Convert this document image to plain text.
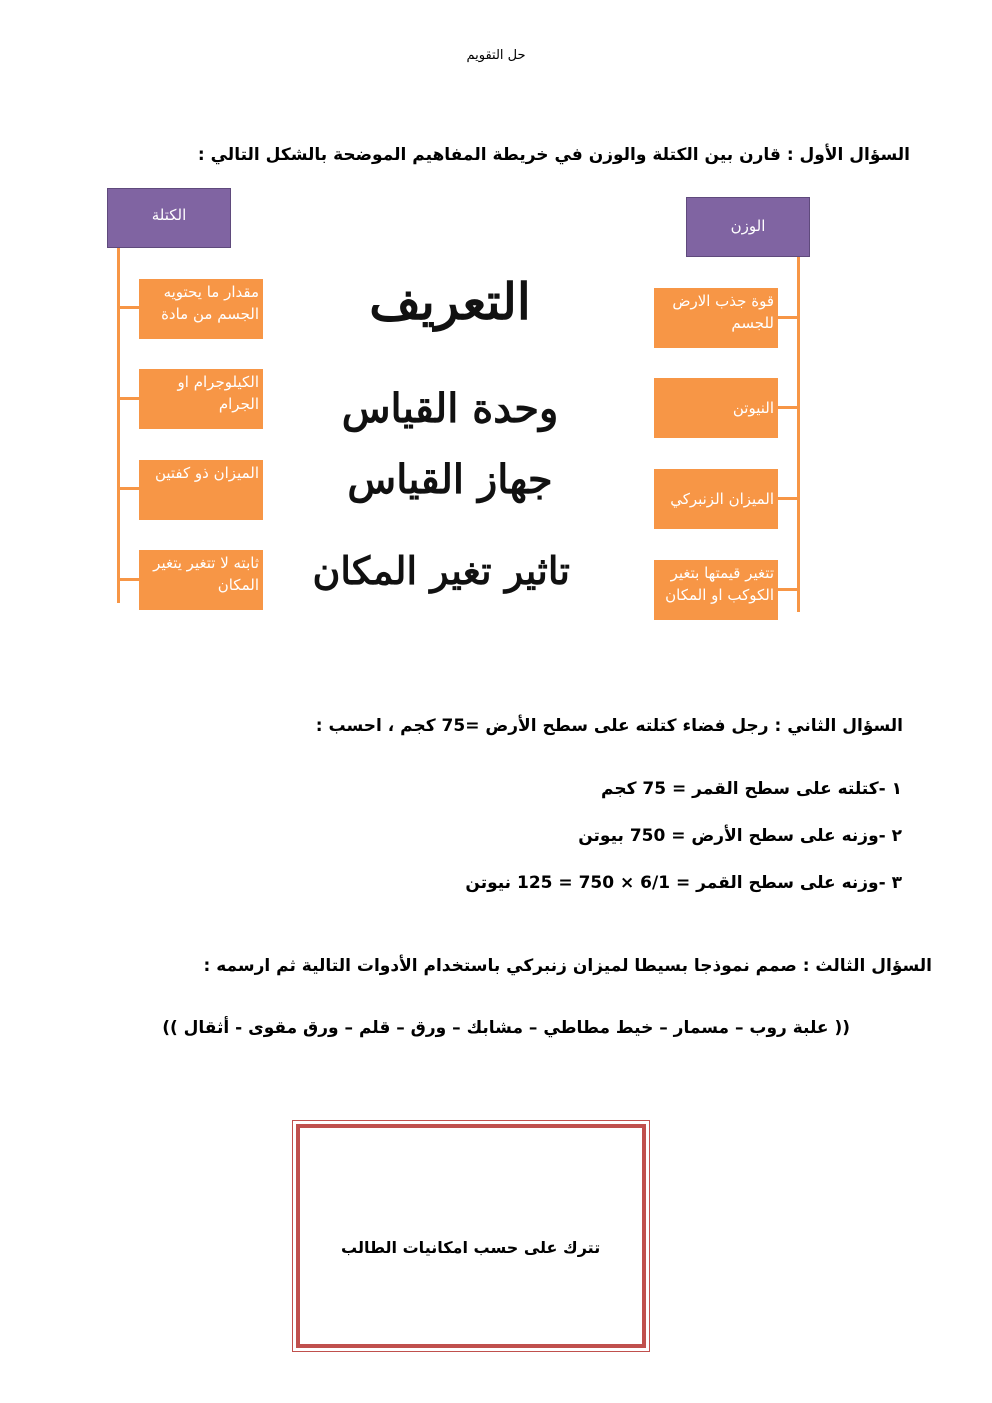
حل التقويم
السؤال الأول : قارن بين الكتلة والوزن في خريطة المفاهيم الموضحة بالشكل التالي :
الكتلة
مقدار ما يحتويه الجسم من مادة
الكيلوجرام او الجرام
الميزان ذو كفتين
ثابته لا تتغير يتغير المكان
الوزن
قوة جذب الارض للجسم
النيوتن
الميزان الزنبركي
تتغير قيمتها بتغير الكوكب او المكان
التعريف
وحدة القياس
جهاز القياس
تاثير تغير المكان
السؤال الثاني : رجل فضاء كتلته على سطح الأرض =75 كجم ، احسب :
١ -كتلته على سطح القمر = 75 كجم
٢ -وزنه على سطح الأرض = 750 بيوتن
٣ -وزنه على سطح القمر = 6/1 × 750 = 125 نيوتن
السؤال الثالث : صمم نموذجا بسيطا لميزان زنبركي باستخدام الأدوات التالية ثم ارسمه :
(( علبة روب – مسمار – خيط مطاطي – مشابك – ورق – قلم – ورق مقوى - أثقال ))
تترك على حسب امكانيات الطالب
